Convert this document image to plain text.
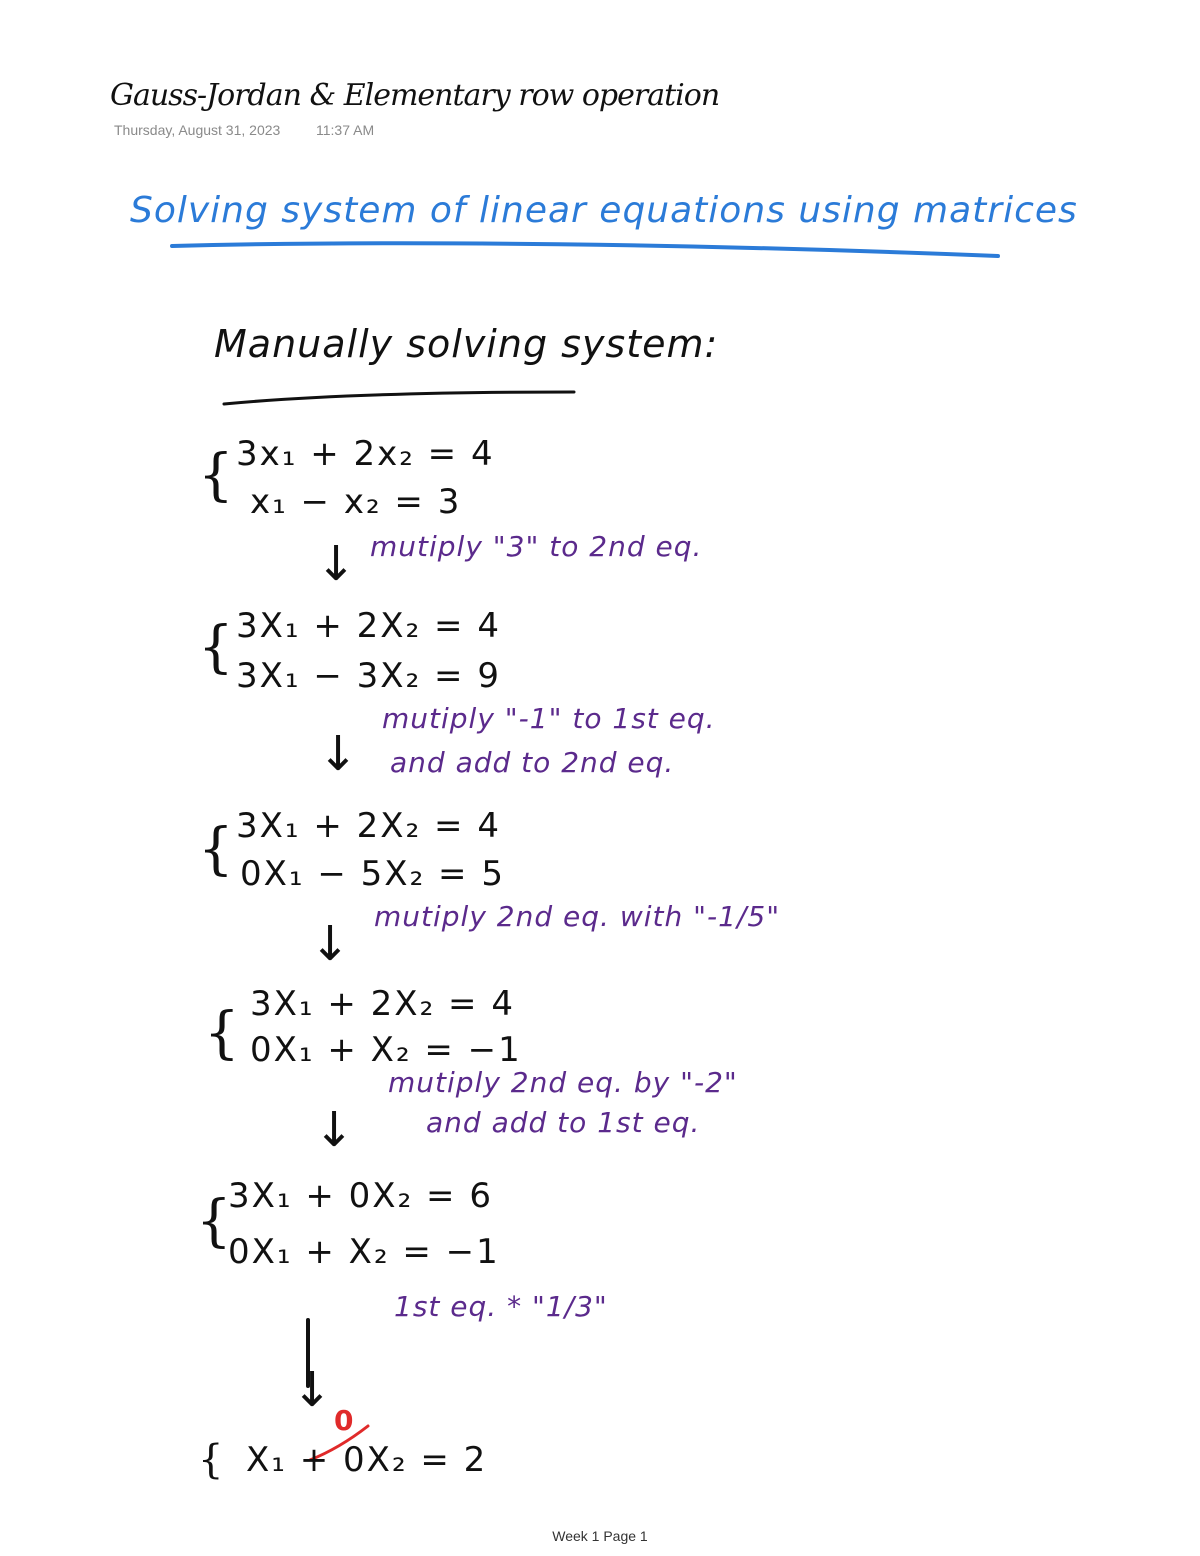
Gauss-Jordan & Elementary row operation
Thursday, August 31, 2023	11:37 AM
Solving system of linear equations using matrices
Manually solving system:
{ 3x₁ + 2x₂ = 4
x₁ − x₂ = 3
↓ mutiply "3" to 2nd eq.
{ 3X₁ + 2X₂ = 4
3X₁ − 3X₂ = 9
↓
mutiply "-1" to 1st eq.
and add to 2nd eq.
{ 3X₁ + 2X₂ = 4
0X₁ − 5X₂ = 5
↓ mutiply 2nd eq. with "-1/5"
{ 3X₁ + 2X₂ = 4
0X₁ + X₂ = −1
↓
mutiply 2nd eq. by "-2"
and add to 1st eq.
{
3X₁ + 0X₂ = 6
0X₁ + X₂ = −1
1st eq. * "1/3"
↓
{ X₁ + 0X₂ = 2
0
Week 1 Page 1
